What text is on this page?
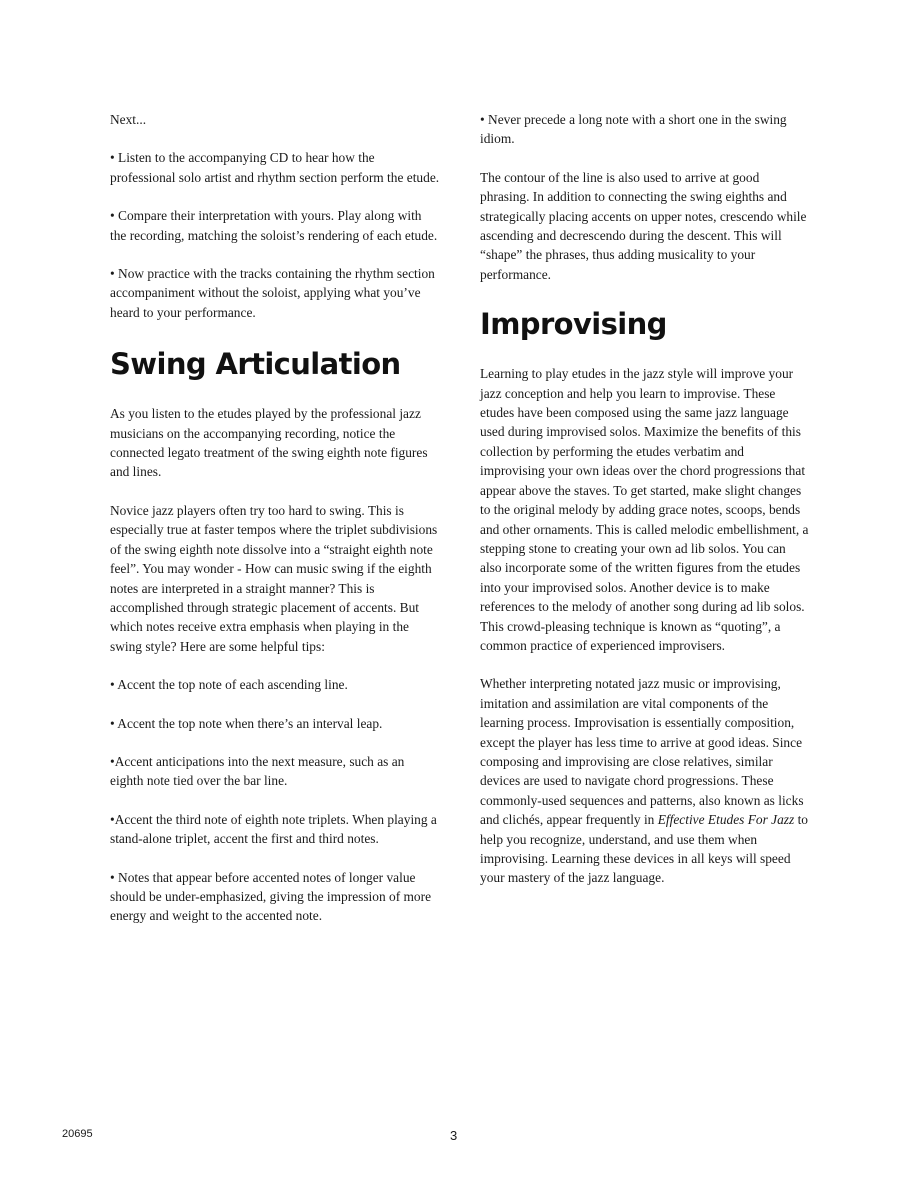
Next...

• Listen to the accompanying CD to hear how the professional solo artist and rhythm section perform the etude.

• Compare their interpretation with yours. Play along with the recording, matching the soloist’s rendering of each etude.

• Now practice with the tracks containing the rhythm section accompaniment without the soloist, applying what you’ve heard to your performance.

Swing Articulation

As you listen to the etudes played by the professional jazz musicians on the accompanying recording, notice the connected legato treatment of the swing eighth note figures and lines.

Novice jazz players often try too hard to swing. This is especially true at faster tempos where the triplet subdivisions of the swing eighth note dissolve into a “straight eighth note feel”. You may wonder - How can music swing if the eighth notes are interpreted in a straight manner? This is accomplished through strategic placement of accents. But which notes receive extra emphasis when playing in the swing style? Here are some helpful tips:

• Accent the top note of each ascending line.

• Accent the top note when there’s an interval leap.

•Accent anticipations into the next measure, such as an eighth note tied over the bar line.

•Accent the third note of eighth note triplets. When playing a stand-alone triplet, accent the first and third notes.

• Notes that appear before accented notes of longer value should be under-emphasized, giving the impression of more energy and weight to the accented note.

• Never precede a long note with a short one in the swing idiom.

The contour of the line is also used to arrive at good phrasing. In addition to connecting the swing eighths and strategically placing accents on upper notes, crescendo while ascending and decrescendo during the descent. This will “shape” the phrases, thus adding musicality to your performance.

Improvising

Learning to play etudes in the jazz style will improve your jazz conception and help you learn to improvise. These etudes have been composed using the same jazz language used during improvised solos. Maximize the benefits of this collection by performing the etudes verbatim and improvising your own ideas over the chord progressions that appear above the staves. To get started, make slight changes to the original melody by adding grace notes, scoops, bends and other ornaments. This is called melodic embellishment, a stepping stone to creating your own ad lib solos. You can also incorporate some of the written figures from the etudes into your improvised solos. Another device is to make references to the melody of another song during ad lib solos. This crowd-pleasing technique is known as “quoting”, a common practice of experienced improvisers.

Whether interpreting notated jazz music or improvising, imitation and assimilation are vital components of the learning process. Improvisation is essentially composition, except the player has less time to arrive at good ideas. Since composing and improvising are close relatives, similar devices are used to navigate chord progressions. These commonly-used sequences and patterns, also known as licks and clichés, appear frequently in Effective Etudes For Jazz to help you recognize, understand, and use them when improvising. Learning these devices in all keys will speed your mastery of the jazz language.

20695	3
